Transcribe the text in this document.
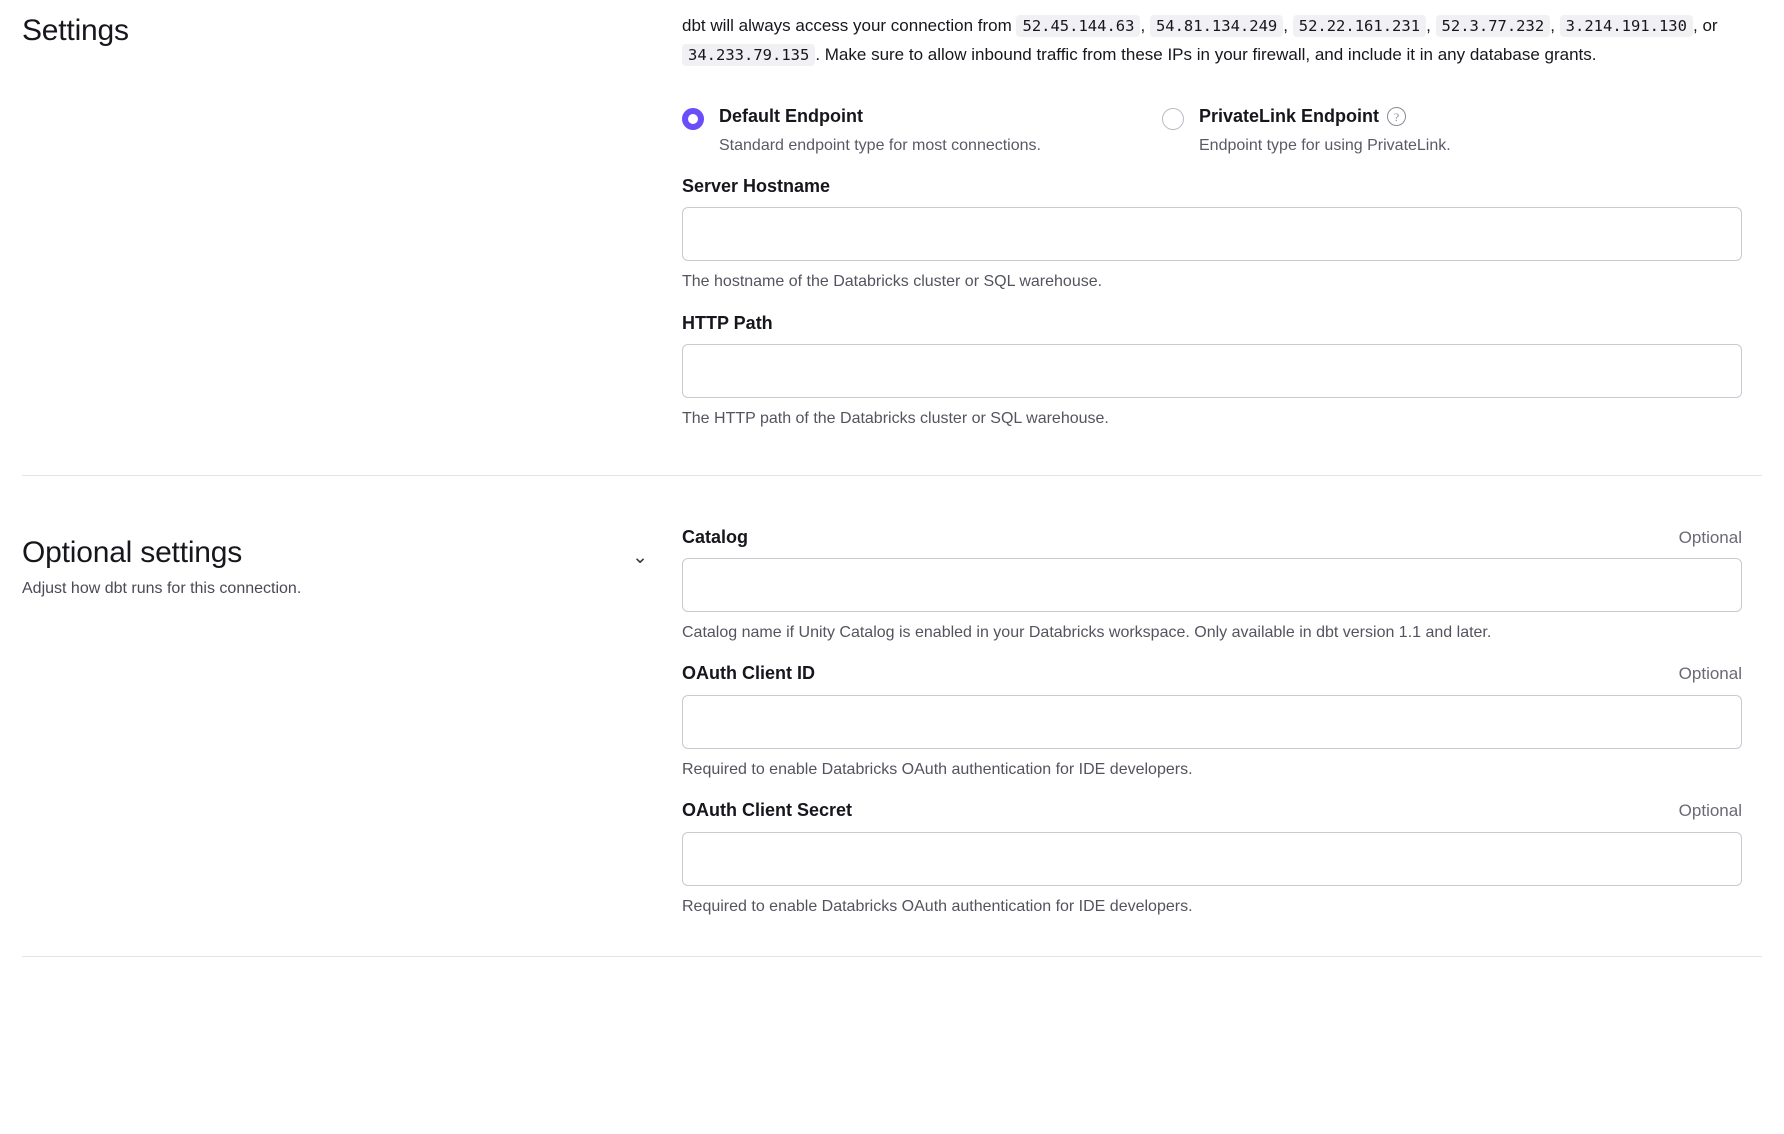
Settings	dbt will always access your connection from 52.45.144.63 , 54.81.134.249 , 52.22.161.231 , 52.3.77.232 , 3.214.191.130 , or 34.233.79.135 . Make sure to allow inbound traffic from these IPs in your firewall, and include it in any database grants.
Default Endpoint
Standard endpoint type for most connections.
PrivateLink Endpoint	?
Endpoint type for using PrivateLink.
Server Hostname
The hostname of the Databricks cluster or SQL warehouse.
HTTP Path
The HTTP path of the Databricks cluster or SQL warehouse.
Optional settings
Adjust how dbt runs for this connection.
⌄
Catalog	Optional
Catalog name if Unity Catalog is enabled in your Databricks workspace. Only available in dbt version 1.1 and later.
OAuth Client ID	Optional
Required to enable Databricks OAuth authentication for IDE developers.
OAuth Client Secret	Optional
Required to enable Databricks OAuth authentication for IDE developers.
